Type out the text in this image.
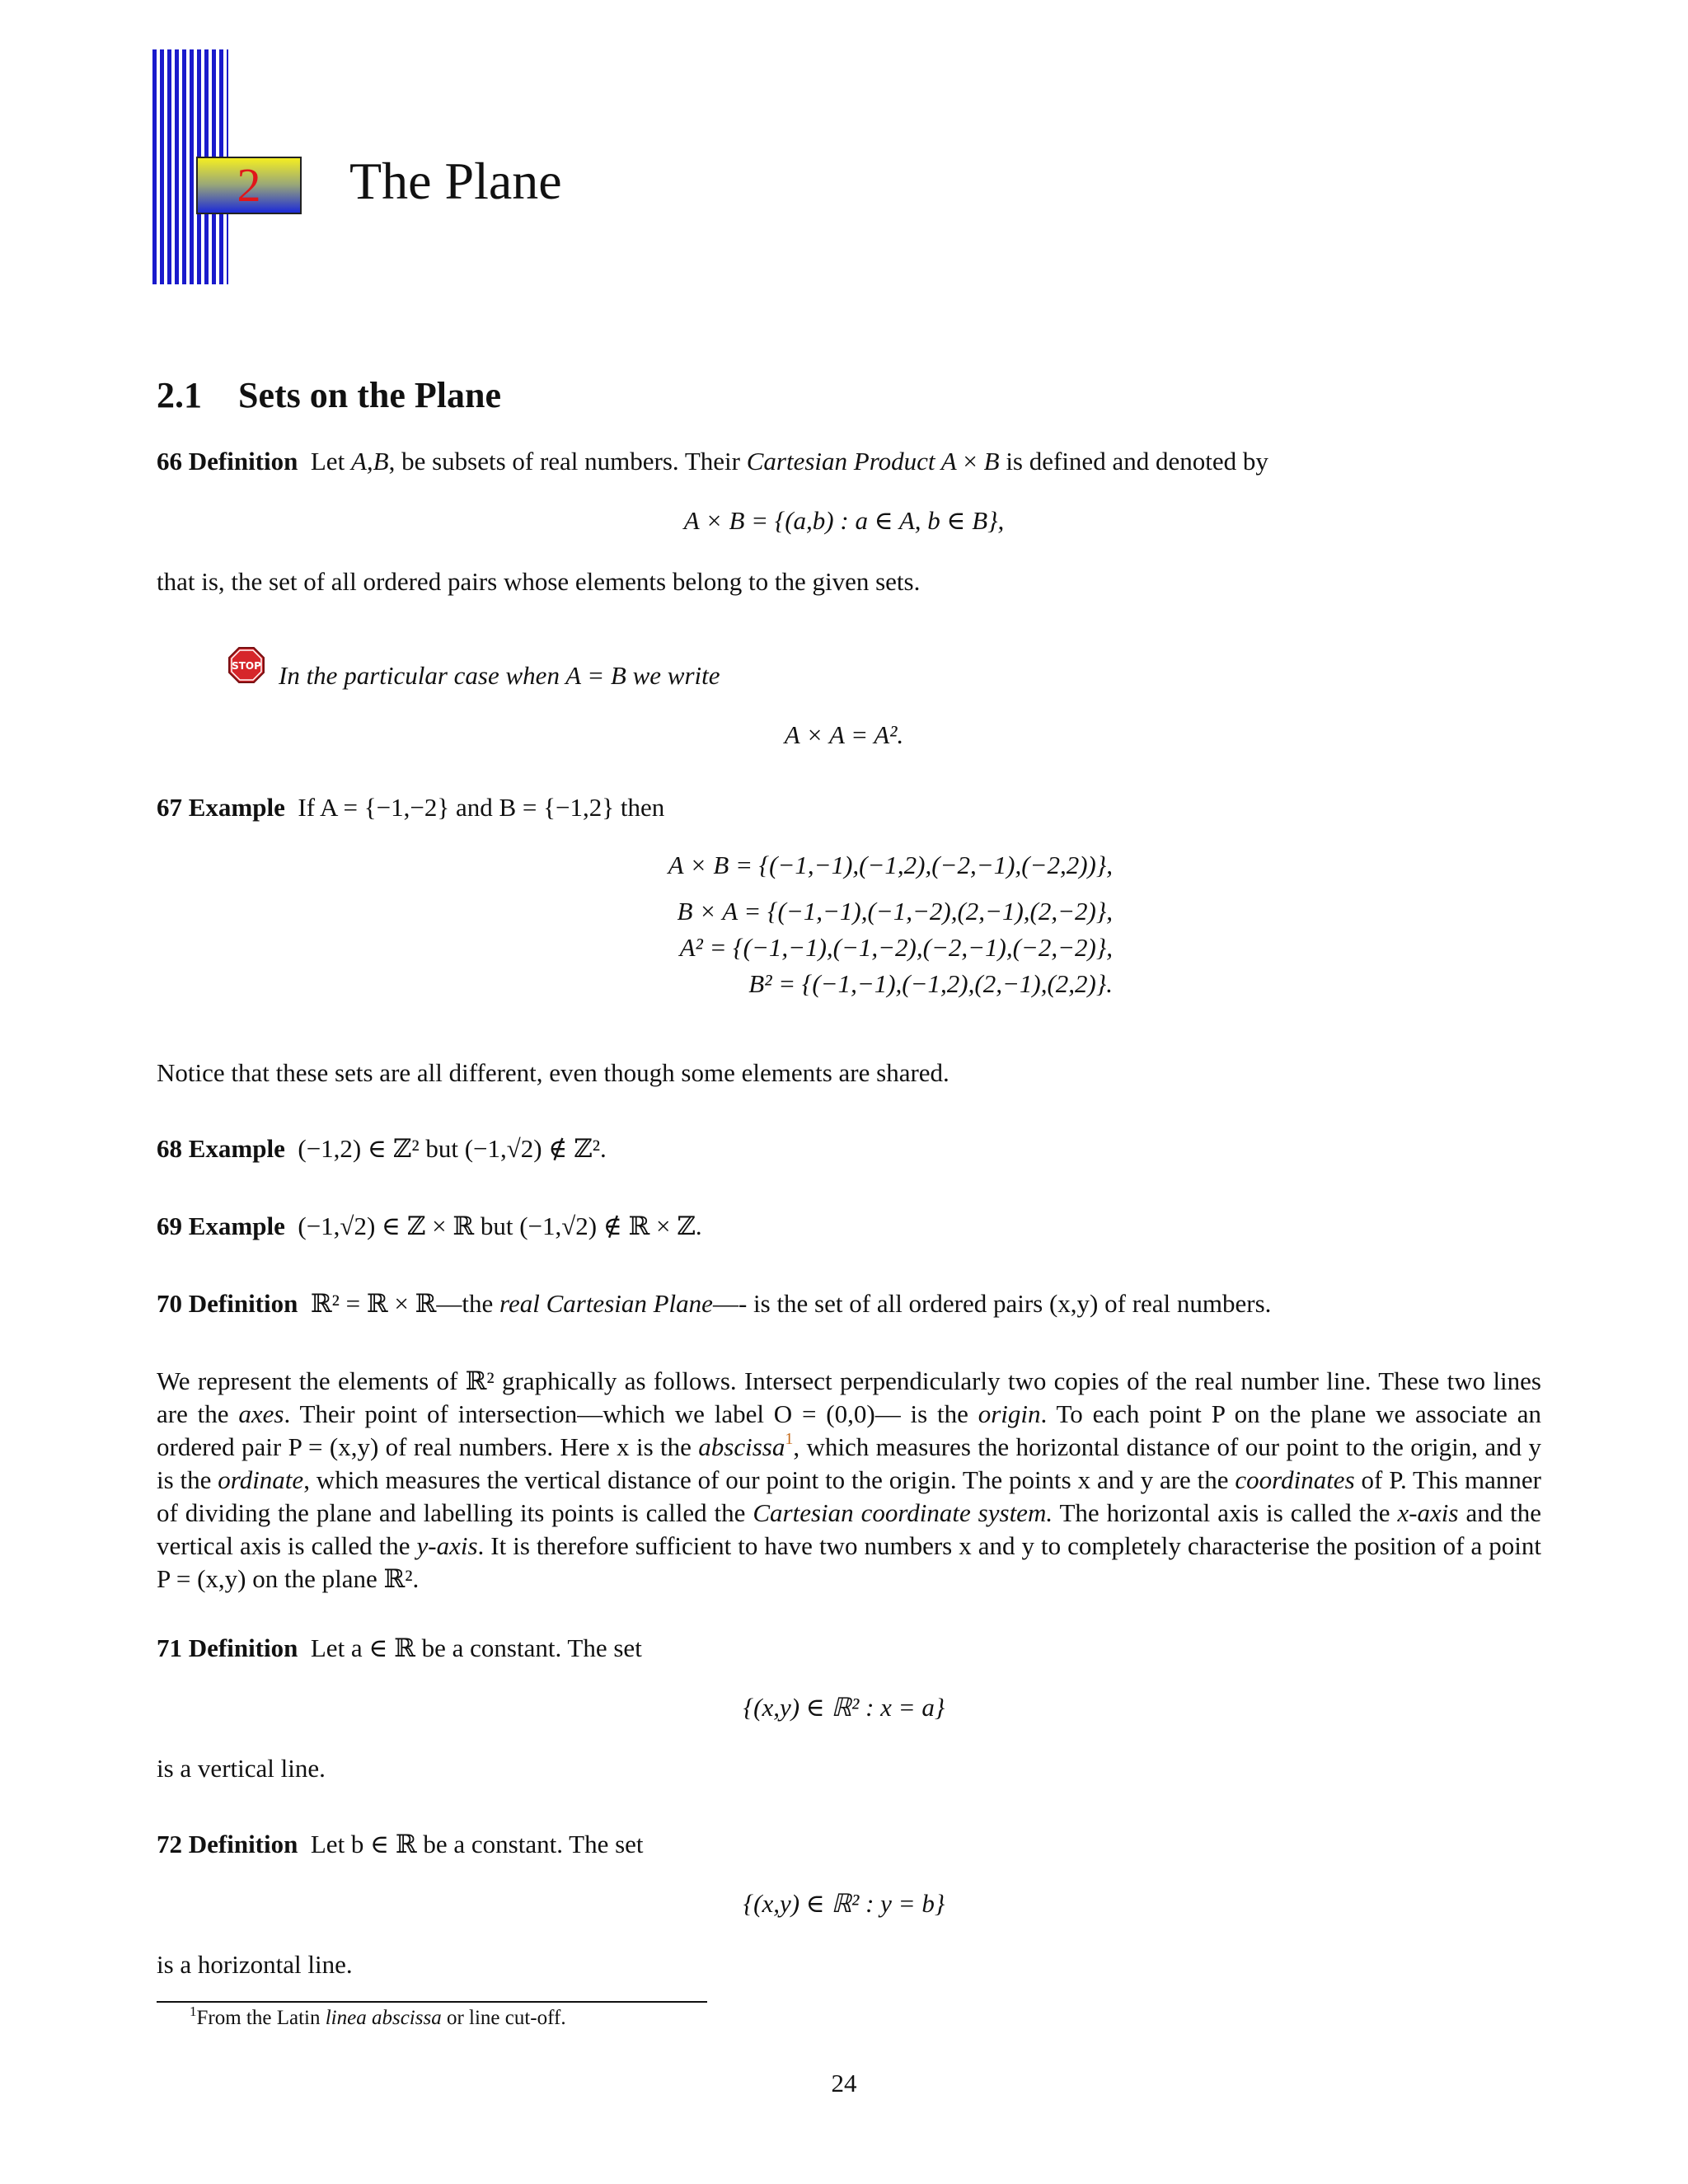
2	The Plane
2.1 Sets on the Plane
66 Definition Let A,B, be subsets of real numbers. Their Cartesian Product A × B is defined and denoted by
A × B = {(a,b) : a ∈ A, b ∈ B},
that is, the set of all ordered pairs whose elements belong to the given sets.
STOP In the particular case when A = B we write
A × A = A².
67 Example If A = {−1,−2} and B = {−1,2} then
A × B = {(−1,−1),(−1,2),(−2,−1),(−2,2))},
B × A = {(−1,−1),(−1,−2),(2,−1),(2,−2)},
A² = {(−1,−1),(−1,−2),(−2,−1),(−2,−2)},
B² = {(−1,−1),(−1,2),(2,−1),(2,2)}.
Notice that these sets are all different, even though some elements are shared.
68 Example (−1,2) ∈ ℤ² but (−1,√2) ∉ ℤ².
69 Example (−1,√2) ∈ ℤ × ℝ but (−1,√2) ∉ ℝ × ℤ.
70 Definition ℝ² = ℝ × ℝ—the real Cartesian Plane—- is the set of all ordered pairs (x,y) of real numbers.
We represent the elements of ℝ² graphically as follows. Intersect perpendicularly two copies of the real number line. These two lines are the axes. Their point of intersection—which we label O = (0,0)— is the origin. To each point P on the plane we associate an ordered pair P = (x,y) of real numbers. Here x is the abscissa$^1$, which measures the horizontal distance of our point to the origin, and y is the ordinate, which measures the vertical distance of our point to the origin. The points x and y are the coordinates of P. This manner of dividing the plane and labelling its points is called the Cartesian coordinate system. The horizontal axis is called the x-axis and the vertical axis is called the y-axis. It is therefore sufficient to have two numbers x and y to completely characterise the position of a point P = (x,y) on the plane ℝ².
71 Definition Let a ∈ ℝ be a constant. The set
{(x,y) ∈ ℝ² : x = a}
is a vertical line.
72 Definition Let b ∈ ℝ be a constant. The set
{(x,y) ∈ ℝ² : y = b}
is a horizontal line.
$^1$From the Latin linea abscissa or line cut-off.
24
